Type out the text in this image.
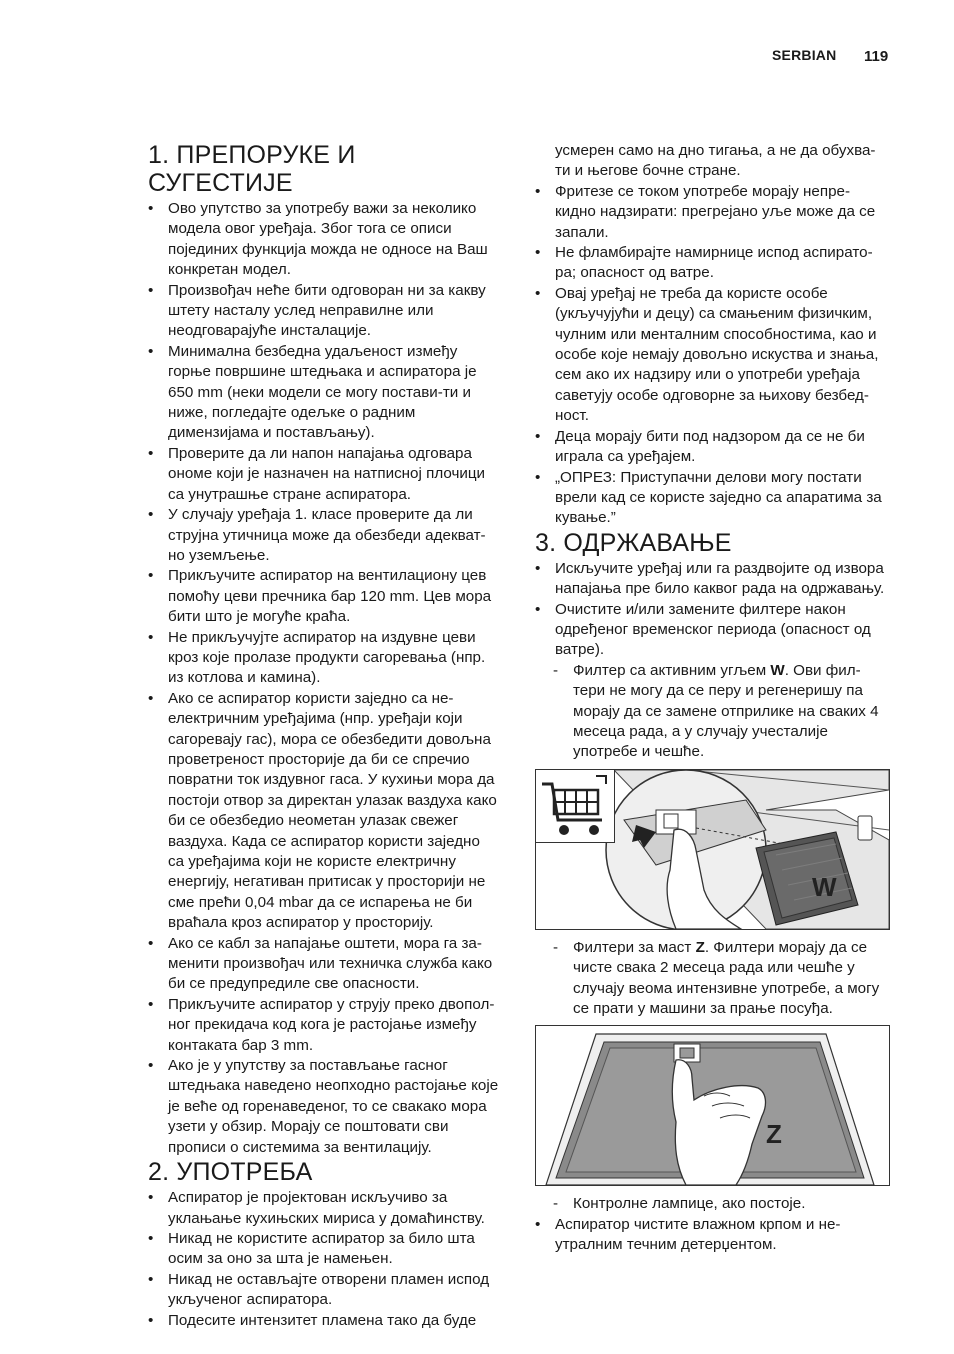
SERBIAN 119
1. ПРЕПОРУКЕ И СУГЕСТИЈЕ
• Ово упутство за употребу важи за неколико модела овог уређаја. Због тога се описи појединих функција можда не односе на Ваш конкретан модел.
• Произвођач неће бити одговоран ни за какву штету насталу услед неправилне или неодговарајуће инсталације.
• Минимална безбедна удаљеност између горње површине штедњака и аспиратора је 650 mm (неки модели се могу постави-ти и ниже, погледајте одељке о радним димензијама и постављању).
• Проверите да ли напон напајања одговара ономе који је назначен на натписној плочици са унутрашње стране аспиратора.
• У случају уређаја 1. класе проверите да ли струјна утичница може да обезбеди адекват-но уземљење.
• Прикључите аспиратор на вентилациону цев помоћу цеви пречника бар 120 mm. Цев мора бити што је могуће краћа.
• Не прикључујте аспиратор на издувне цеви кроз које пролазе продукти сагоревања (нпр. из котлова и камина).
• Ако се аспиратор користи заједно са не-електричним уређајима (нпр. уређаји који сагоревају гас), мора се обезбедити довољна проветреност просторије да би се спречио повратни ток издувног гаса. У кухињи мора да постоји отвор за директан улазак ваздуха како би се обезбедио неометан улазак свежег ваздуха. Када се аспиратор користи заједно са уређајима који не користе електричну енергију, негативан притисак у просторији не сме прећи 0,04 mbar да се испарења не би враћала кроз аспиратор у просторију.
• Ако се кабл за напајање оштети, мора га за-менити произвођач или техничка служба како би се предупредиле све опасности.
• Прикључите аспиратор у струју преко двопол-ног прекидача код кога је растојање између контаката бар 3 mm.
• Ако је у упутству за постављање гасног штедњака наведено неопходно растојање које је веће од горенаведеног, то се свакако мора узети у обзир. Морају се поштовати сви прописи о системима за вентилацију.
2. УПОТРЕБА
• Аспиратор је пројектован искључиво за уклањање кухињских мириса у домаћинству.
• Никад не користите аспиратор за било шта осим за оно за шта је намењен.
• Никад не остављајте отворени пламен испод укљученог аспиратора.
• Подесите интензитет пламена тако да буде
усмерен само на дно тигања, а не да обухва-ти и његове бочне стране.
• Фритезе се током употребе морају непре-кидно надзирати: прегрејано уље може да се запали.
• Не фламбирајте намирнице испод аспирато-ра; опасност од ватре.
• Овај уређај не треба да користе особе (укључујући и децу) са смањеним физичким, чулним или менталним способностима, као и особе које немају довољно искуства и знања, сем ако их надзиру или о употреби уређаја саветују особе одговорне за њихову безбед-ност.
• Деца морају бити под надзором да се не би играла са уређајем.
• „ОПРЕЗ: Приступачни делови могу постати врели кад се користе заједно са апаратима за кување.”
3. ОДРЖАВАЊЕ
• Искључите уређај или га раздвојите од извора напајања пре било каквог рада на одржавању.
• Очистите и/или замените филтере након одређеног временског периода (опасност од ватре).
- Филтер са активним угљем W. Ови фил-тери не могу да се перу и регенеришу па морају да се замене отприлике на сваких 4 месеца рада, а у случају учесталије употребе и чешће.
W
- Филтери за маст Z. Филтери морају да се чисте свака 2 месеца рада или чешће у случају веома интензивне употребе, а могу се прати у машини за прање посуђа.
Z
- Контролне лампице, ако постоје.
• Аспиратор чистите влажном крпом и не-утралним течним детерџентом.
